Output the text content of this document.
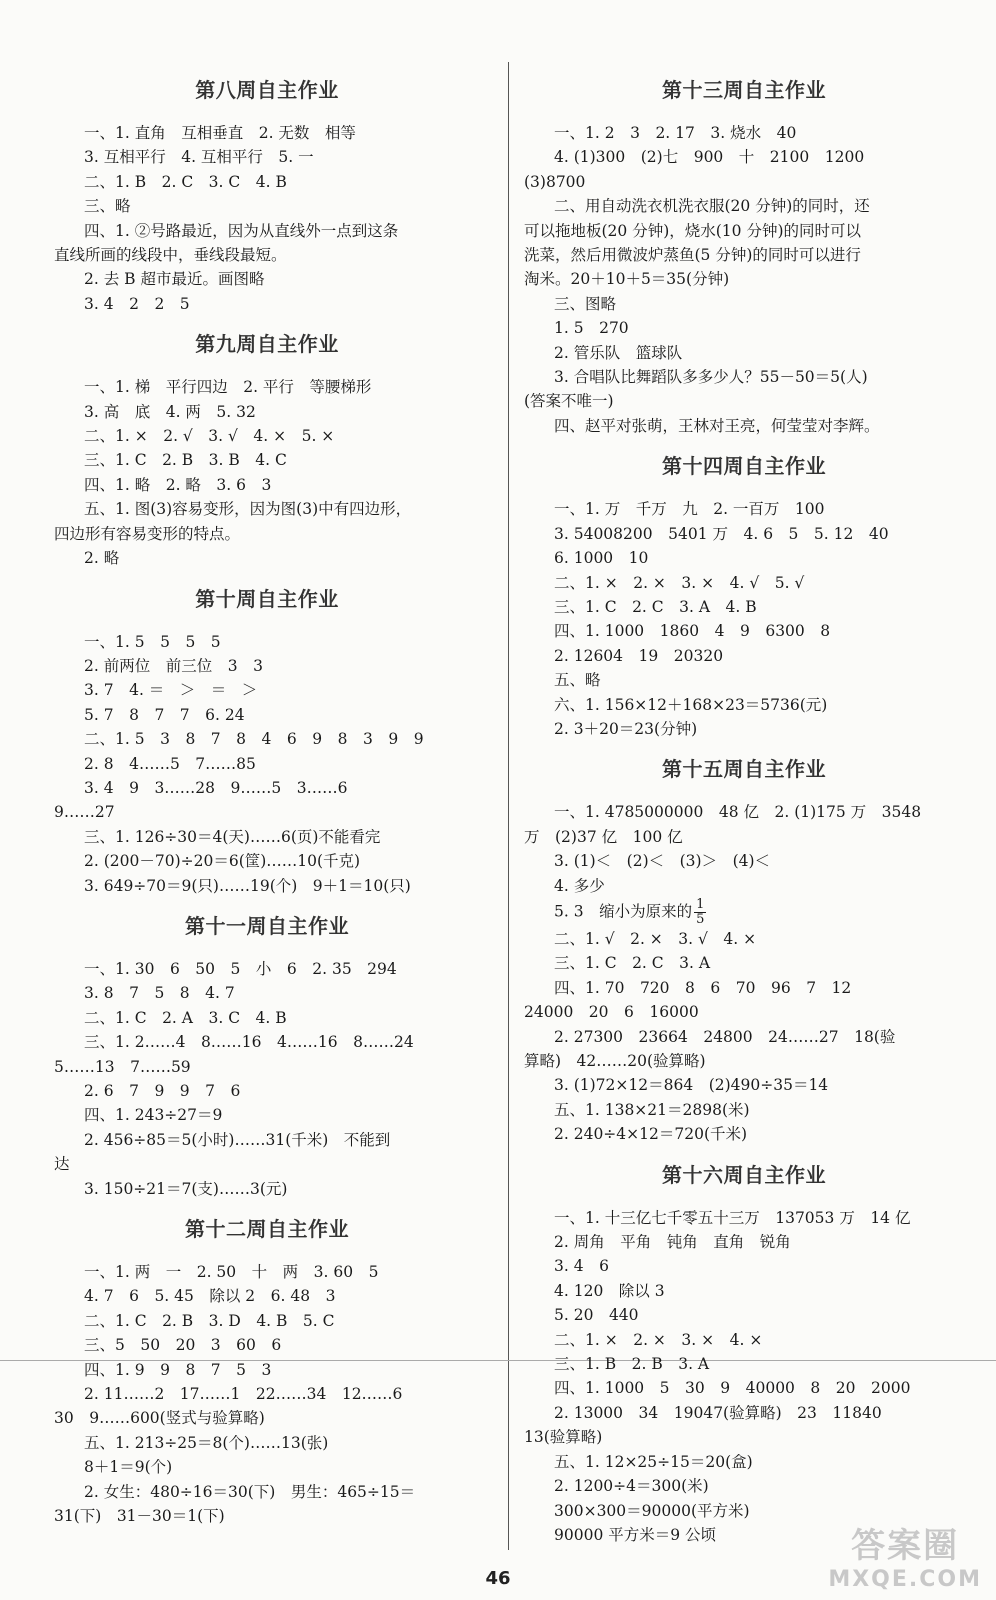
第八周自主作业
一、1. 直角　互相垂直　2. 无数　相等
3. 互相平行　4. 互相平行　5. 一
二、1. B　2. C　3. C　4. B
三、略
四、1. ②号路最近，因为从直线外一点到这条
直线所画的线段中，垂线段最短。
2. 去 B 超市最近。画图略
3. 4　2　2　5
第九周自主作业
一、1. 梯　平行四边　2. 平行　等腰梯形
3. 高　底　4. 两　5. 32
二、1. ×　2. √　3. √　4. ×　5. ×
三、1. C　2. B　3. B　4. C
四、1. 略　2. 略　3. 6　3
五、1. 图(3)容易变形，因为图(3)中有四边形，
四边形有容易变形的特点。
2. 略
第十周自主作业
一、1. 5　5　5　5
2. 前两位　前三位　3　3
3. 7　4. ＝　＞　＝　＞
5. 7　8　7　7　6. 24
二、1. 5　3　8　7　8　4　6　9　8　3　9　9
2. 8　4……5　7……85
3. 4　9　3……28　9……5　3……6
9……27
三、1. 126÷30＝4(天)……6(页)不能看完
2. (200－70)÷20＝6(筐)……10(千克)
3. 649÷70＝9(只)……19(个)　9＋1＝10(只)
第十一周自主作业
一、1. 30　6　50　5　小　6　2. 35　294
3. 8　7　5　8　4. 7
二、1. C　2. A　3. C　4. B
三、1. 2……4　8……16　4……16　8……24
5……13　7……59
2. 6　7　9　9　7　6
四、1. 243÷27＝9
2. 456÷85＝5(小时)……31(千米)　不能到
达
3. 150÷21＝7(支)……3(元)
第十二周自主作业
一、1. 两　一　2. 50　十　两　3. 60　5
4. 7　6　5. 45　除以 2　6. 48　3
二、1. C　2. B　3. D　4. B　5. C
三、5　50　20　3　60　6
四、1. 9　9　8　7　5　3
2. 11……2　17……1　22……34　12……6
30　9……600(竖式与验算略)
五、1. 213÷25＝8(个)……13(张)
8＋1＝9(个)
2. 女生：480÷16＝30(下)　男生：465÷15＝
31(下)　31－30＝1(下)
第十三周自主作业
一、1. 2　3　2. 17　3. 烧水　40
4. (1)300　(2)七　900　十　2100　1200
(3)8700
二、用自动洗衣机洗衣服(20 分钟)的同时，还
可以拖地板(20 分钟)，烧水(10 分钟)的同时可以
洗菜，然后用微波炉蒸鱼(5 分钟)的同时可以进行
淘米。20＋10＋5＝35(分钟)
三、图略
1. 5　270
2. 管乐队　篮球队
3. 合唱队比舞蹈队多多少人？55－50＝5(人)
(答案不唯一)
四、赵平对张萌，王林对王亮，何莹莹对李辉。
第十四周自主作业
一、1. 万　千万　九　2. 一百万　100
3. 54008200　5401 万　4. 6　5　5. 12　40
6. 1000　10
二、1. ×　2. ×　3. ×　4. √　5. √
三、1. C　2. C　3. A　4. B
四、1. 1000　1860　4　9　6300　8
2. 12604　19　20320
五、略
六、1. 156×12＋168×23＝5736(元)
2. 3＋20＝23(分钟)
第十五周自主作业
一、1. 4785000000　48 亿　2. (1)175 万　3548
万　(2)37 亿　100 亿
3. (1)＜　(2)＜　(3)＞　(4)＜
4. 多少
5. 3　缩小为原来的 $\frac{1}{5}$
二、1. √　2. ×　3. √　4. ×
三、1. C　2. C　3. A
四、1. 70　720　8　6　70　96　7　12
24000　20　6　16000
2. 27300　23664　24800　24……27　18(验
算略)　42……20(验算略)
3. (1)72×12＝864　(2)490÷35＝14
五、1. 138×21＝2898(米)
2. 240÷4×12＝720(千米)
第十六周自主作业
一、1. 十三亿七千零五十三万　137053 万　14 亿
2. 周角　平角　钝角　直角　锐角
3. 4　6
4. 120　除以 3
5. 20　440
二、1. ×　2. ×　3. ×　4. ×
三、1. B　2. B　3. A
四、1. 1000　5　30　9　40000　8　20　2000
2. 13000　34　19047(验算略)　23　11840
13(验算略)
五、1. 12×25÷15＝20(盒)
2. 1200÷4＝300(米)
300×300＝90000(平方米)
90000 平方米＝9 公顷
46
答案圈
MXQE.COM
